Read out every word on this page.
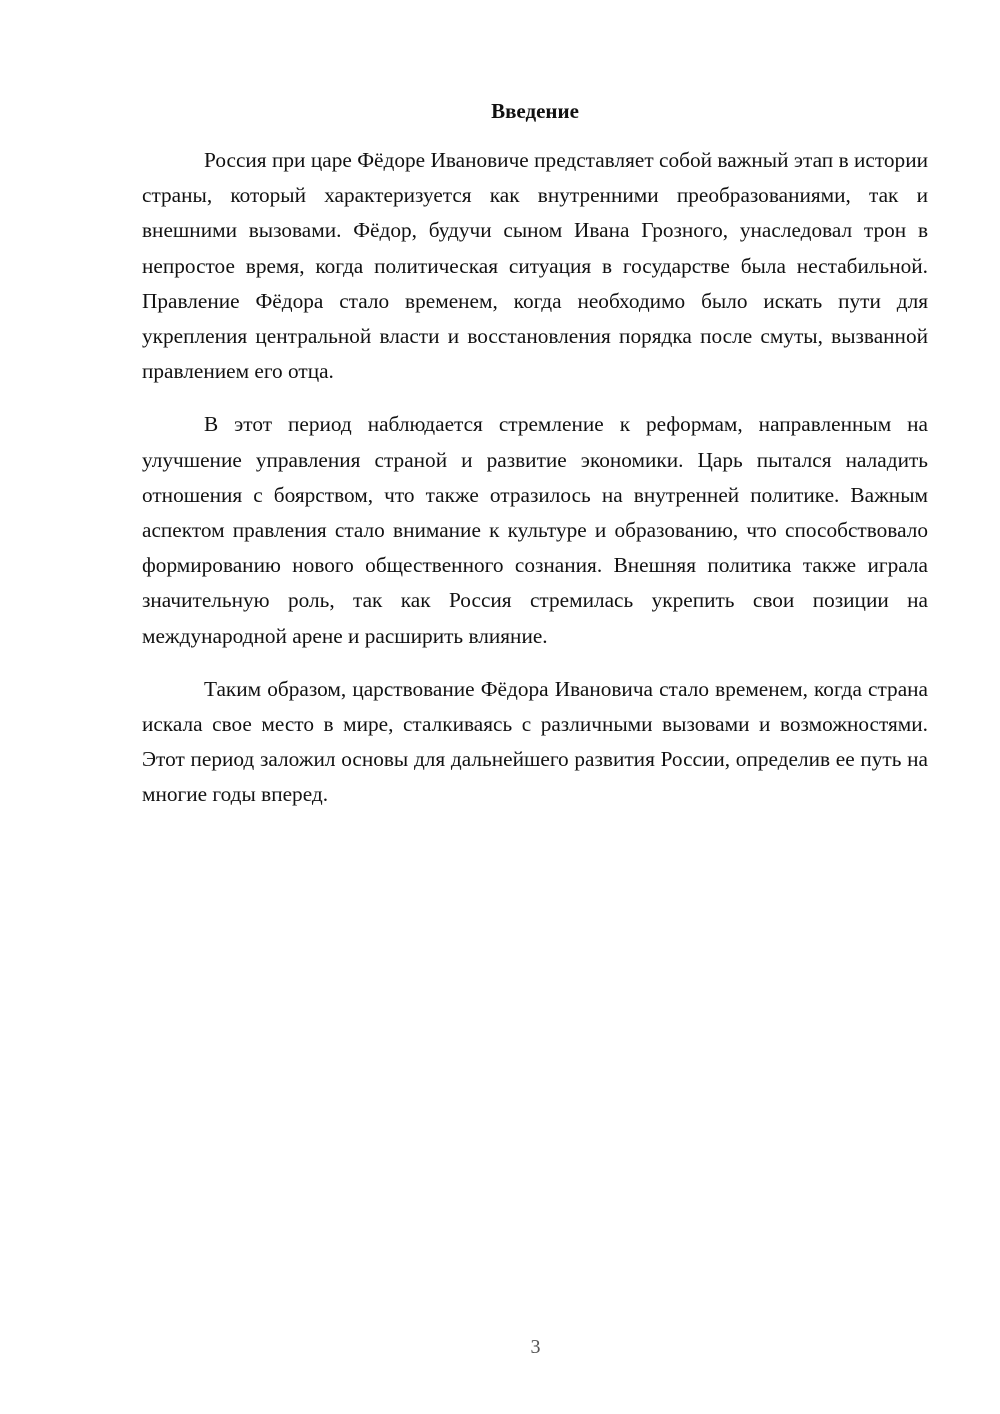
Введение

Россия при царе Фёдоре Ивановиче представляет собой важный этап в истории страны, который характеризуется как внутренними преобразованиями, так и внешними вызовами. Фёдор, будучи сыном Ивана Грозного, унаследовал трон в непростое время, когда политическая ситуация в государстве была нестабильной. Правление Фёдора стало временем, когда необходимо было искать пути для укрепления центральной власти и восстановления порядка после смуты, вызванной правлением его отца.

В этот период наблюдается стремление к реформам, направленным на улучшение управления страной и развитие экономики. Царь пытался наладить отношения с боярством, что также отразилось на внутренней политике. Важным аспектом правления стало внимание к культуре и образованию, что способствовало формированию нового общественного сознания. Внешняя политика также играла значительную роль, так как Россия стремилась укрепить свои позиции на международной арене и расширить влияние.

Таким образом, царствование Фёдора Ивановича стало временем, когда страна искала свое место в мире, сталкиваясь с различными вызовами и возможностями. Этот период заложил основы для дальнейшего развития России, определив ее путь на многие годы вперед.

3
